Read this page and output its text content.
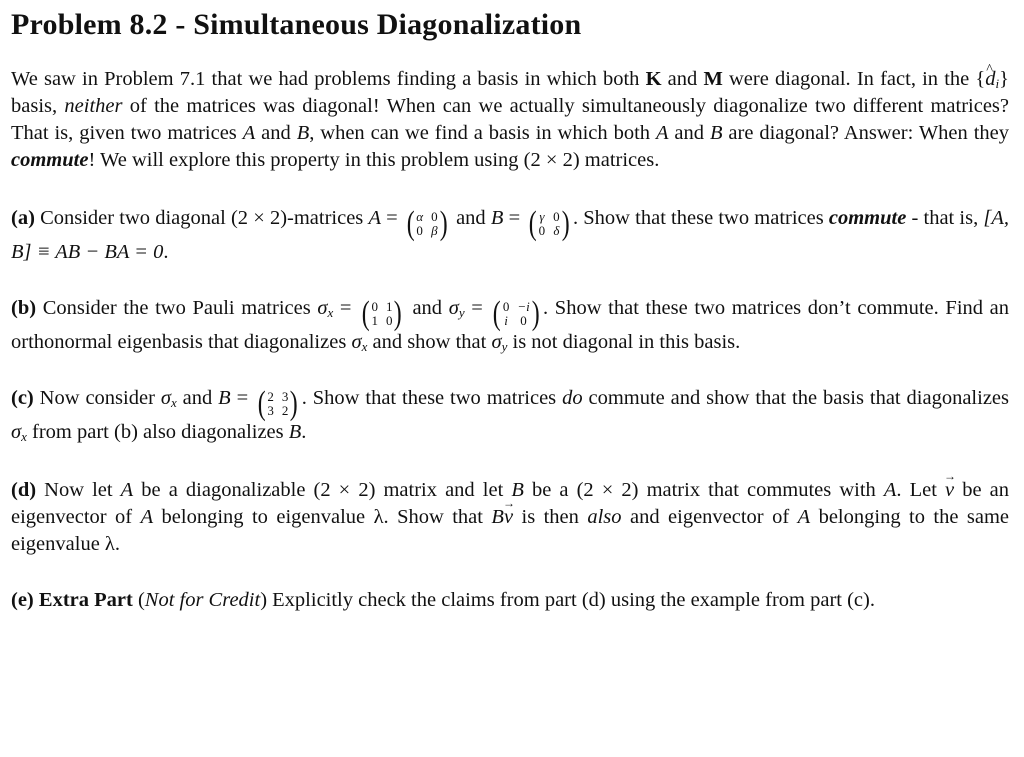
Problem 8.2 - Simultaneous Diagonalization

We saw in Problem 7.1 that we had problems finding a basis in which both K and M were diagonal. In fact, in the {^ $d_i$} basis, neither of the matrices was diagonal! When can we actually simultaneously diagonalize two different matrices? That is, given two matrices A and B, when can we find a basis in which both A and B are diagonal? Answer: When they commute! We will explore this property in this problem using (2 × 2) matrices.

(a) Consider two diagonal (2 × 2)-matrices A = ( α 0
0 β ) and B = ( γ 0
0 δ ) . Show that these two matrices commute - that is, [A, B] ≡ AB − BA = 0.

(b) Consider the two Pauli matrices $\sigma_x$ = ( 0 1
1 0 ) and $\sigma_y$ = ( 0 −i
i 0 ) . Show that these two matrices don’t commute. Find an orthonormal eigenbasis that diagonalizes $\sigma_x$ and show that $\sigma_y$ is not diagonal in this basis.

(c) Now consider $\sigma_x$ and B = ( 2 3
3 2 ) . Show that these two matrices do commute and show that the basis that diagonalizes $\sigma_x$ from part (b) also diagonalizes B.

(d) Now let A be a diagonalizable (2 × 2) matrix and let B be a (2 × 2) matrix that commutes with A. Let → v be an eigenvector of A belonging to eigenvalue λ. Show that B→ v is then also and eigenvector of A belonging to the same eigenvalue λ.

(e) Extra Part (Not for Credit) Explicitly check the claims from part (d) using the example from part (c).
